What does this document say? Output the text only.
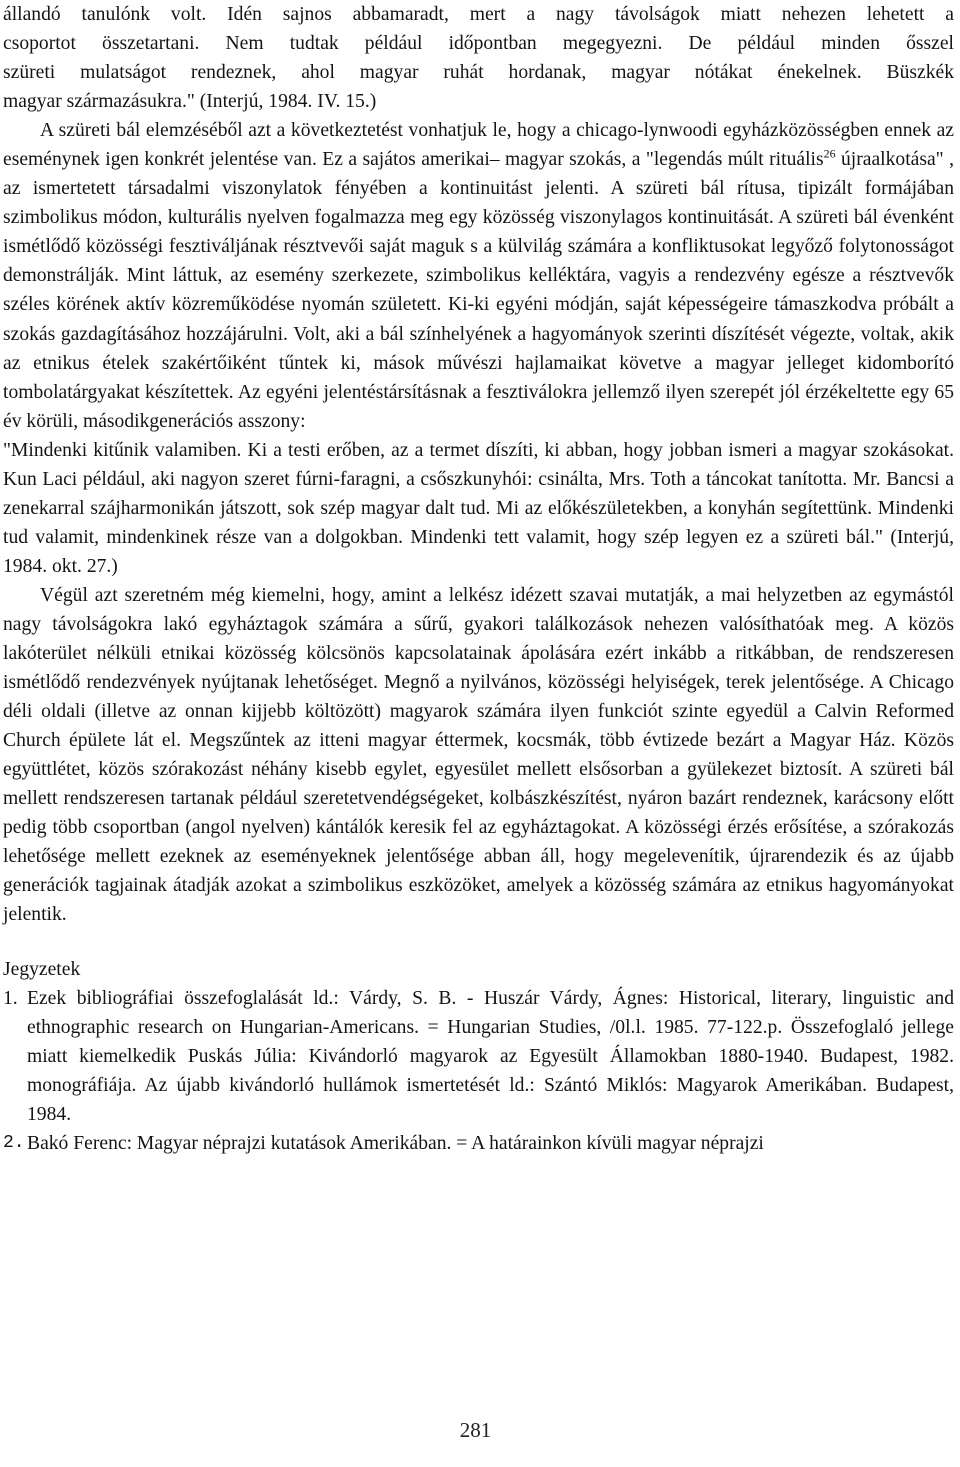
állandó tanulónk volt. Idén sajnos abbamaradt, mert a nagy távolságok miatt nehezen lehetett a
csoportot összetartani. Nem tudtak például időpontban megegyezni. De például minden ősszel
szüreti mulatságot rendeznek, ahol magyar ruhát hordanak, magyar nótákat énekelnek. Büszkék
magyar származásukra." (Interjú, 1984. IV. 15.)

A szüreti bál elemzéséből azt a következtetést vonhatjuk le, hogy a chicago-lynwoodi egyházközösségben ennek az eseménynek igen konkrét jelentése van. Ez a sajátos amerikai– magyar szokás, a "legendás múlt rituális$^{26}$ újraalkotása" , az ismertetett társadalmi viszonylatok fényében a kontinuitást jelenti. A szüreti bál rítusa, tipizált formájában szimbolikus módon, kulturális nyelven fogalmazza meg egy közösség viszonylagos kontinuitását. A szüreti bál évenként ismétlődő közösségi fesztiváljának résztvevői saját maguk s a külvilág számára a konfliktusokat legyőző folytonosságot demonstrálják. Mint láttuk, az esemény szerkezete, szimbolikus kelléktára, vagyis a rendezvény egésze a résztvevők széles körének aktív közreműködése nyomán született. Ki-ki egyéni módján, saját képességeire támaszkodva próbált a szokás gazdagításához hozzájárulni. Volt, aki a bál színhelyének a hagyományok szerinti díszítését végezte, voltak, akik az etnikus ételek szakértőiként tűntek ki, mások művészi hajlamaikat követve a magyar jelleget kidomborító tombolatárgyakat készítettek. Az egyéni jelentéstársításnak a fesztiválokra jellemző ilyen szerepét jól érzékeltette egy 65 év körüli, másodikgenerációs asszony:

"Mindenki kitűnik valamiben. Ki a testi erőben, az a termet díszíti, ki abban, hogy jobban ismeri a magyar szokásokat. Kun Laci például, aki nagyon szeret fúrni-faragni, a csőszkunyhói: csinálta, Mrs. Toth a táncokat tanította. Mr. Bancsi a zenekarral szájharmonikán játszott, sok szép magyar dalt tud. Mi az előkészületekben, a konyhán segítettünk. Mindenki tud valamit, mindenkinek része van a dolgokban. Mindenki tett valamit, hogy szép legyen ez a szüreti bál." (Interjú, 1984. okt. 27.)

Végül azt szeretném még kiemelni, hogy, amint a lelkész idézett szavai mutatják, a mai helyzetben az egymástól nagy távolságokra lakó egyháztagok számára a sűrű, gyakori találkozások nehezen valósíthatóak meg. A közös lakóterület nélküli etnikai közösség kölcsönös kapcsolatainak ápolására ezért inkább a ritkábban, de rendszeresen ismétlődő rendezvények nyújtanak lehetőséget. Megnő a nyilvános, közösségi helyiségek, terek jelentősége. A Chicago déli oldali (illetve az onnan kijjebb költözött) magyarok számára ilyen funkciót szinte egyedül a Calvin Reformed Church épülete lát el. Megszűntek az itteni magyar éttermek, kocsmák, több évtizede bezárt a Magyar Ház. Közös együttlétet, közös szórakozást néhány kisebb egylet, egyesület mellett elsősorban a gyülekezet biztosít. A szüreti bál mellett rendszeresen tartanak például szeretetvendégségeket, kolbászkészítést, nyáron bazárt rendeznek, karácsony előtt pedig több csoportban (angol nyelven) kántálók keresik fel az egyháztagokat. A közösségi érzés erősítése, a szórakozás lehetősége mellett ezeknek az eseményeknek jelentősége abban áll, hogy megelevenítik, újrarendezik és az újabb generációk tagjainak átadják azokat a szimbolikus eszközöket, amelyek a közösség számára az etnikus hagyományokat jelentik.

Jegyzetek
1. Ezek bibliográfiai összefoglalását ld.: Várdy, S. B. - Huszár Várdy, Ágnes: Historical, literary, linguistic and ethnographic research on Hungarian-Americans. = Hungarian Studies, /0l.l. 1985. 77-122.p. Összefoglaló jellege miatt kiemelkedik Puskás Júlia: Kivándorló magyarok az Egyesült Államokban 1880-1940. Budapest, 1982. monográfiája. Az újabb kivándorló hullámok ismertetését ld.: Szántó Miklós: Magyarok Amerikában. Budapest, 1984.
2. Bakó Ferenc: Magyar néprajzi kutatások Amerikában. = A határainkon kívüli magyar néprajzi
281
